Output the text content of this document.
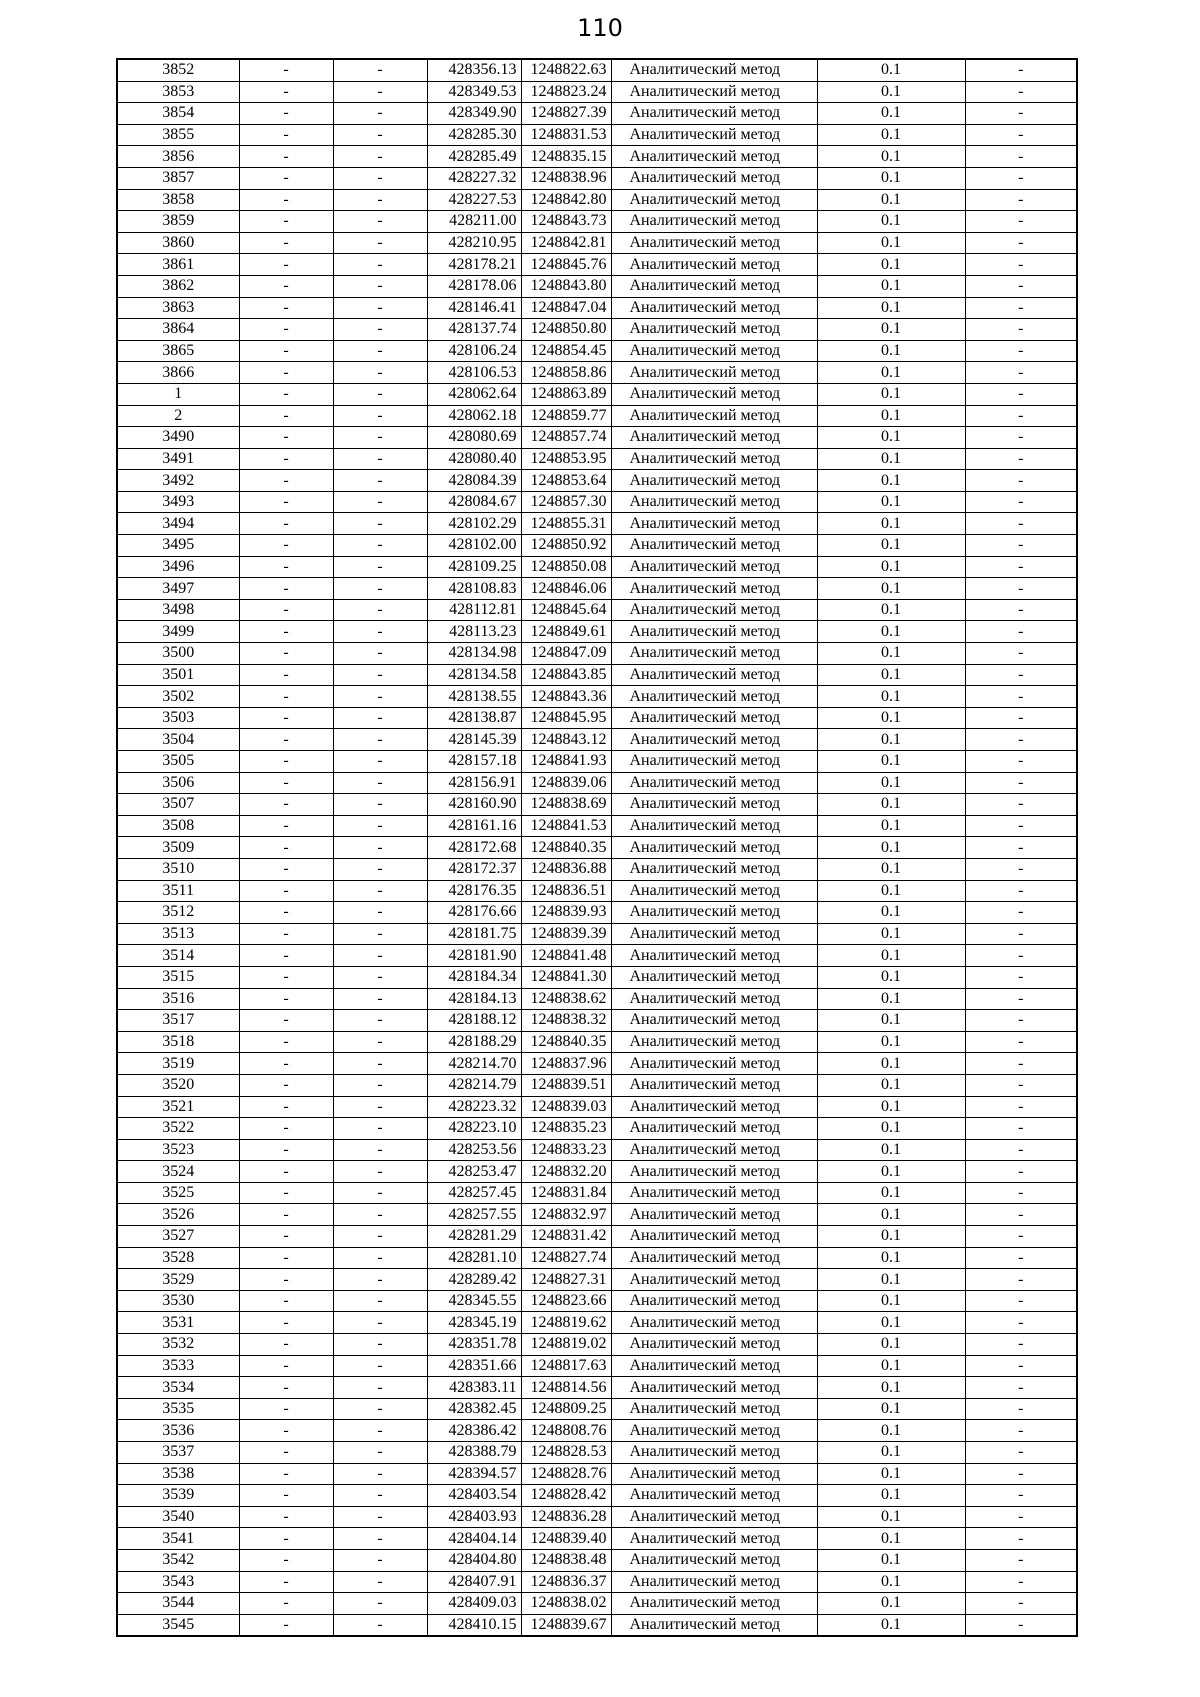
110
3852	-	-	428356.13	1248822.63	Аналитический метод	0.1	-
3853	-	-	428349.53	1248823.24	Аналитический метод	0.1	-
3854	-	-	428349.90	1248827.39	Аналитический метод	0.1	-
3855	-	-	428285.30	1248831.53	Аналитический метод	0.1	-
3856	-	-	428285.49	1248835.15	Аналитический метод	0.1	-
3857	-	-	428227.32	1248838.96	Аналитический метод	0.1	-
3858	-	-	428227.53	1248842.80	Аналитический метод	0.1	-
3859	-	-	428211.00	1248843.73	Аналитический метод	0.1	-
3860	-	-	428210.95	1248842.81	Аналитический метод	0.1	-
3861	-	-	428178.21	1248845.76	Аналитический метод	0.1	-
3862	-	-	428178.06	1248843.80	Аналитический метод	0.1	-
3863	-	-	428146.41	1248847.04	Аналитический метод	0.1	-
3864	-	-	428137.74	1248850.80	Аналитический метод	0.1	-
3865	-	-	428106.24	1248854.45	Аналитический метод	0.1	-
3866	-	-	428106.53	1248858.86	Аналитический метод	0.1	-
1	-	-	428062.64	1248863.89	Аналитический метод	0.1	-
2	-	-	428062.18	1248859.77	Аналитический метод	0.1	-
3490	-	-	428080.69	1248857.74	Аналитический метод	0.1	-
3491	-	-	428080.40	1248853.95	Аналитический метод	0.1	-
3492	-	-	428084.39	1248853.64	Аналитический метод	0.1	-
3493	-	-	428084.67	1248857.30	Аналитический метод	0.1	-
3494	-	-	428102.29	1248855.31	Аналитический метод	0.1	-
3495	-	-	428102.00	1248850.92	Аналитический метод	0.1	-
3496	-	-	428109.25	1248850.08	Аналитический метод	0.1	-
3497	-	-	428108.83	1248846.06	Аналитический метод	0.1	-
3498	-	-	428112.81	1248845.64	Аналитический метод	0.1	-
3499	-	-	428113.23	1248849.61	Аналитический метод	0.1	-
3500	-	-	428134.98	1248847.09	Аналитический метод	0.1	-
3501	-	-	428134.58	1248843.85	Аналитический метод	0.1	-
3502	-	-	428138.55	1248843.36	Аналитический метод	0.1	-
3503	-	-	428138.87	1248845.95	Аналитический метод	0.1	-
3504	-	-	428145.39	1248843.12	Аналитический метод	0.1	-
3505	-	-	428157.18	1248841.93	Аналитический метод	0.1	-
3506	-	-	428156.91	1248839.06	Аналитический метод	0.1	-
3507	-	-	428160.90	1248838.69	Аналитический метод	0.1	-
3508	-	-	428161.16	1248841.53	Аналитический метод	0.1	-
3509	-	-	428172.68	1248840.35	Аналитический метод	0.1	-
3510	-	-	428172.37	1248836.88	Аналитический метод	0.1	-
3511	-	-	428176.35	1248836.51	Аналитический метод	0.1	-
3512	-	-	428176.66	1248839.93	Аналитический метод	0.1	-
3513	-	-	428181.75	1248839.39	Аналитический метод	0.1	-
3514	-	-	428181.90	1248841.48	Аналитический метод	0.1	-
3515	-	-	428184.34	1248841.30	Аналитический метод	0.1	-
3516	-	-	428184.13	1248838.62	Аналитический метод	0.1	-
3517	-	-	428188.12	1248838.32	Аналитический метод	0.1	-
3518	-	-	428188.29	1248840.35	Аналитический метод	0.1	-
3519	-	-	428214.70	1248837.96	Аналитический метод	0.1	-
3520	-	-	428214.79	1248839.51	Аналитический метод	0.1	-
3521	-	-	428223.32	1248839.03	Аналитический метод	0.1	-
3522	-	-	428223.10	1248835.23	Аналитический метод	0.1	-
3523	-	-	428253.56	1248833.23	Аналитический метод	0.1	-
3524	-	-	428253.47	1248832.20	Аналитический метод	0.1	-
3525	-	-	428257.45	1248831.84	Аналитический метод	0.1	-
3526	-	-	428257.55	1248832.97	Аналитический метод	0.1	-
3527	-	-	428281.29	1248831.42	Аналитический метод	0.1	-
3528	-	-	428281.10	1248827.74	Аналитический метод	0.1	-
3529	-	-	428289.42	1248827.31	Аналитический метод	0.1	-
3530	-	-	428345.55	1248823.66	Аналитический метод	0.1	-
3531	-	-	428345.19	1248819.62	Аналитический метод	0.1	-
3532	-	-	428351.78	1248819.02	Аналитический метод	0.1	-
3533	-	-	428351.66	1248817.63	Аналитический метод	0.1	-
3534	-	-	428383.11	1248814.56	Аналитический метод	0.1	-
3535	-	-	428382.45	1248809.25	Аналитический метод	0.1	-
3536	-	-	428386.42	1248808.76	Аналитический метод	0.1	-
3537	-	-	428388.79	1248828.53	Аналитический метод	0.1	-
3538	-	-	428394.57	1248828.76	Аналитический метод	0.1	-
3539	-	-	428403.54	1248828.42	Аналитический метод	0.1	-
3540	-	-	428403.93	1248836.28	Аналитический метод	0.1	-
3541	-	-	428404.14	1248839.40	Аналитический метод	0.1	-
3542	-	-	428404.80	1248838.48	Аналитический метод	0.1	-
3543	-	-	428407.91	1248836.37	Аналитический метод	0.1	-
3544	-	-	428409.03	1248838.02	Аналитический метод	0.1	-
3545	-	-	428410.15	1248839.67	Аналитический метод	0.1	-
